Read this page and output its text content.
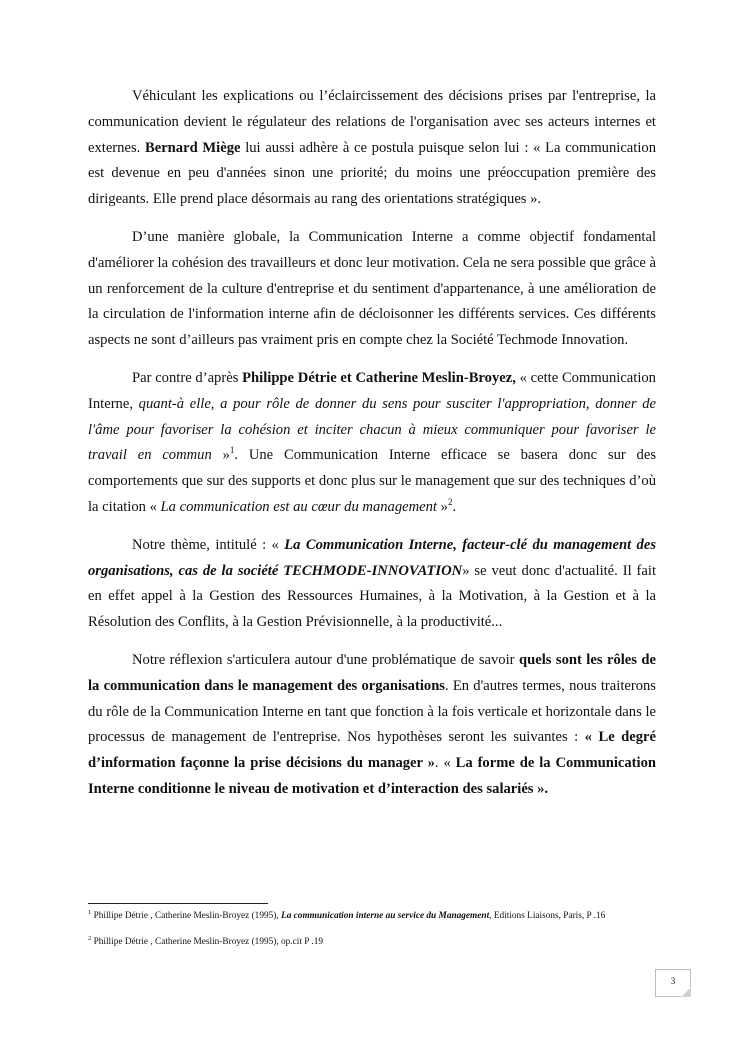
Véhiculant les explications ou l’éclaircissement des décisions prises par l'entreprise, la communication devient le régulateur des relations de l'organisation avec ses acteurs internes et externes. Bernard Miège lui aussi adhère à ce postula puisque selon lui : « La communication est devenue en peu d'années sinon une priorité; du moins une préoccupation première des dirigeants. Elle prend place désormais au rang des orientations stratégiques ».

D’une manière globale, la Communication Interne a comme objectif fondamental d'améliorer la cohésion des travailleurs et donc leur motivation. Cela ne sera possible que grâce à un renforcement de la culture d'entreprise et du sentiment d'appartenance, à une amélioration de la circulation de l'information interne afin de décloisonner les différents services. Ces différents aspects ne sont d’ailleurs pas vraiment pris en compte chez la Société Techmode Innovation.

Par contre d’après Philippe Détrie et Catherine Meslin-Broyez, « cette Communication Interne, quant-à elle, a pour rôle de donner du sens pour susciter l'appropriation, donner de l'âme pour favoriser la cohésion et inciter chacun à mieux communiquer pour favoriser le travail en commun »$^1$. Une Communication Interne efficace se basera donc sur des comportements que sur des supports et donc plus sur le management que sur des techniques d’où la citation « La communication est au cœur du management »$^2$.

Notre thème, intitulé : « La Communication Interne, facteur-clé du management des organisations, cas de la société TECHMODE-INNOVATION» se veut donc d'actualité. Il fait en effet appel à la Gestion des Ressources Humaines, à la Motivation, à la Gestion et à la Résolution des Conflits, à la Gestion Prévisionnelle, à la productivité...

Notre réflexion s'articulera autour d'une problématique de savoir quels sont les rôles de la communication dans le management des organisations. En d'autres termes, nous traiterons du rôle de la Communication Interne en tant que fonction à la fois verticale et horizontale dans le processus de management de l'entreprise. Nos hypothèses seront les suivantes : « Le degré d’information façonne la prise décisions du manager ». « La forme de la Communication Interne conditionne le niveau de motivation et d’interaction des salariés ».

$^1$ Phillipe Détrie , Catherine Meslin-Broyez (1995), La communication interne au service du Management, Editions Liaisons, Paris, P .16
$^2$ Phillipe Détrie , Catherine Meslin-Broyez (1995), op.cit P .19
3
